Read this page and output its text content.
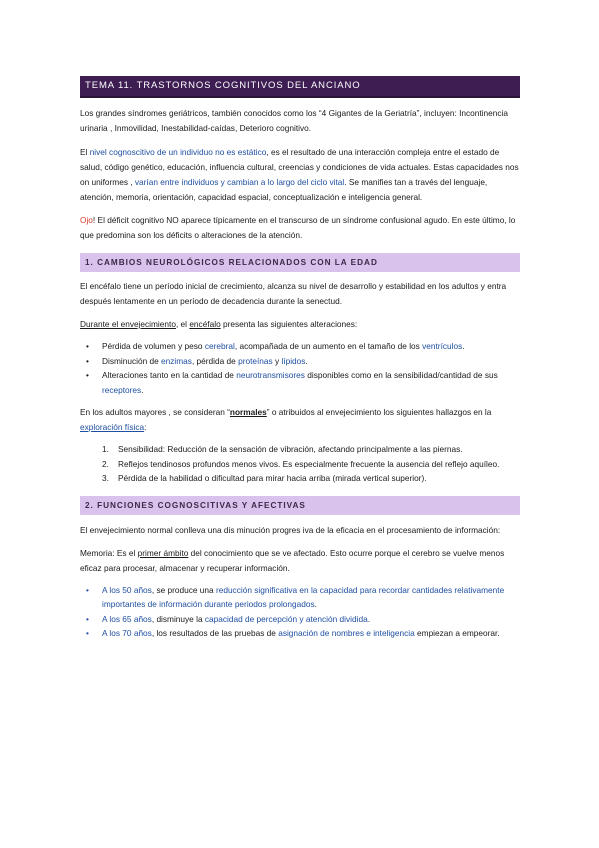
TEMA 11. TRASTORNOS COGNITIVOS DEL ANCIANO

Los grandes síndromes geriátricos, también conocidos como los “4 Gigantes de la Geriatría”, incluyen: Incontinencia urinaria , Inmovilidad, Inestabilidad-caídas, Deterioro cognitivo.

El nivel cognoscitivo de un individuo no es estático, es el resultado de una interacción compleja entre el estado de salud, código genético, educación, influencia cultural, creencias y condiciones de vida actuales. Estas capacidades nos on uniformes , varían entre individuos y cambian a lo largo del ciclo vital. Se manifies tan a través del lenguaje, atención, memoria, orientación, capacidad espacial, conceptualización e inteligencia general.

Ojo! El déficit cognitivo NO aparece típicamente en el transcurso de un síndrome confusional agudo. En este último, lo que predomina son los déficits o alteraciones de la atención.

1. CAMBIOS NEUROLÓGICOS RELACIONADOS CON LA EDAD

El encéfalo tiene un período inicial de crecimiento, alcanza su nivel de desarrollo y estabilidad en los adultos y entra después lentamente en un período de decadencia durante la senectud.

Durante el envejecimiento, el encéfalo presenta las siguientes alteraciones:

• Pérdida de volumen y peso cerebral, acompañada de un aumento en el tamaño de los ventrículos.
• Disminución de enzimas, pérdida de proteínas y lípidos.
• Alteraciones tanto en la cantidad de neurotransmisores disponibles como en la sensibilidad/cantidad de sus receptores.

En los adultos mayores , se consideran “normales” o atribuidos al envejecimiento los siguientes hallazgos en la exploración física:

1. Sensibilidad: Reducción de la sensación de vibración, afectando principalmente a las piernas.
2. Reflejos tendinosos profundos menos vivos. Es especialmente frecuente la ausencia del reflejo aquíleo.
3. Pérdida de la habilidad o dificultad para mirar hacia arriba (mirada vertical superior).
2. FUNCIONES COGNOSCITIVAS Y AFECTIVAS

El envejecimiento normal conlleva una dis minución progres iva de la eficacia en el procesamiento de información:

Memoria: Es el primer ámbito del conocimiento que se ve afectado. Esto ocurre porque el cerebro se vuelve menos eficaz para procesar, almacenar y recuperar información.

• A los 50 años, se produce una reducción significativa en la capacidad para recordar cantidades relativamente importantes de información durante periodos prolongados.
• A los 65 años, disminuye la capacidad de percepción y atención dividida.
• A los 70 años, los resultados de las pruebas de asignación de nombres e inteligencia empiezan a empeorar.
